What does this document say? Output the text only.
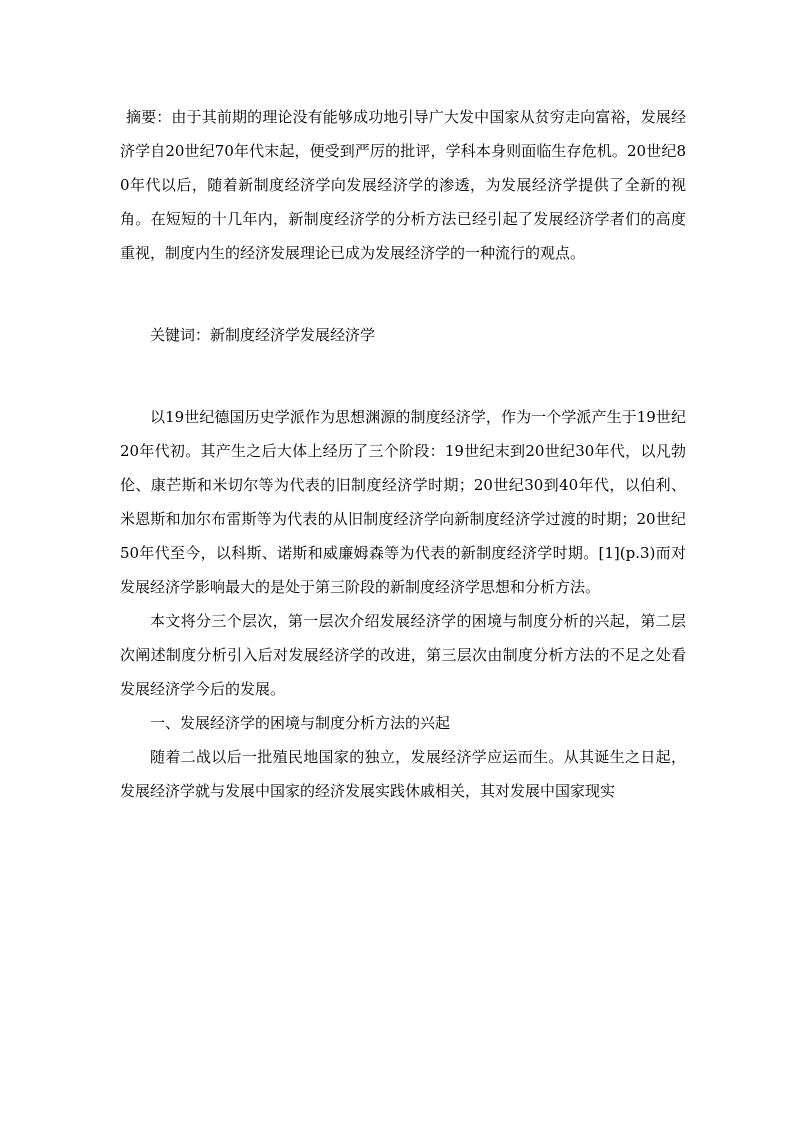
摘要：由于其前期的理论没有能够成功地引导广大发中国家从贫穷走向富裕，发展经济学自20世纪70年代末起，便受到严厉的批评，学科本身则面临生存危机。20世纪80年代以后，随着新制度经济学向发展经济学的渗透，为发展经济学提供了全新的视角。在短短的十几年内，新制度经济学的分析方法已经引起了发展经济学者们的高度重视，制度内生的经济发展理论已成为发展经济学的一种流行的观点。

关键词：新制度经济学发展经济学

以19世纪德国历史学派作为思想渊源的制度经济学，作为一个学派产生于19世纪20年代初。其产生之后大体上经历了三个阶段：19世纪末到20世纪30年代，以凡勃伦、康芒斯和米切尔等为代表的旧制度经济学时期；20世纪30到40年代，以伯利、米恩斯和加尔布雷斯等为代表的从旧制度经济学向新制度经济学过渡的时期；20世纪50年代至今，以科斯、诺斯和威廉姆森等为代表的新制度经济学时期。[1](p.3)而对发展经济学影响最大的是处于第三阶段的新制度经济学思想和分析方法。

本文将分三个层次，第一层次介绍发展经济学的困境与制度分析的兴起，第二层次阐述制度分析引入后对发展经济学的改进，第三层次由制度分析方法的不足之处看发展经济学今后的发展。

一、发展经济学的困境与制度分析方法的兴起

随着二战以后一批殖民地国家的独立，发展经济学应运而生。从其诞生之日起，发展经济学就与发展中国家的经济发展实践休戚相关，其对发展中国家现实
